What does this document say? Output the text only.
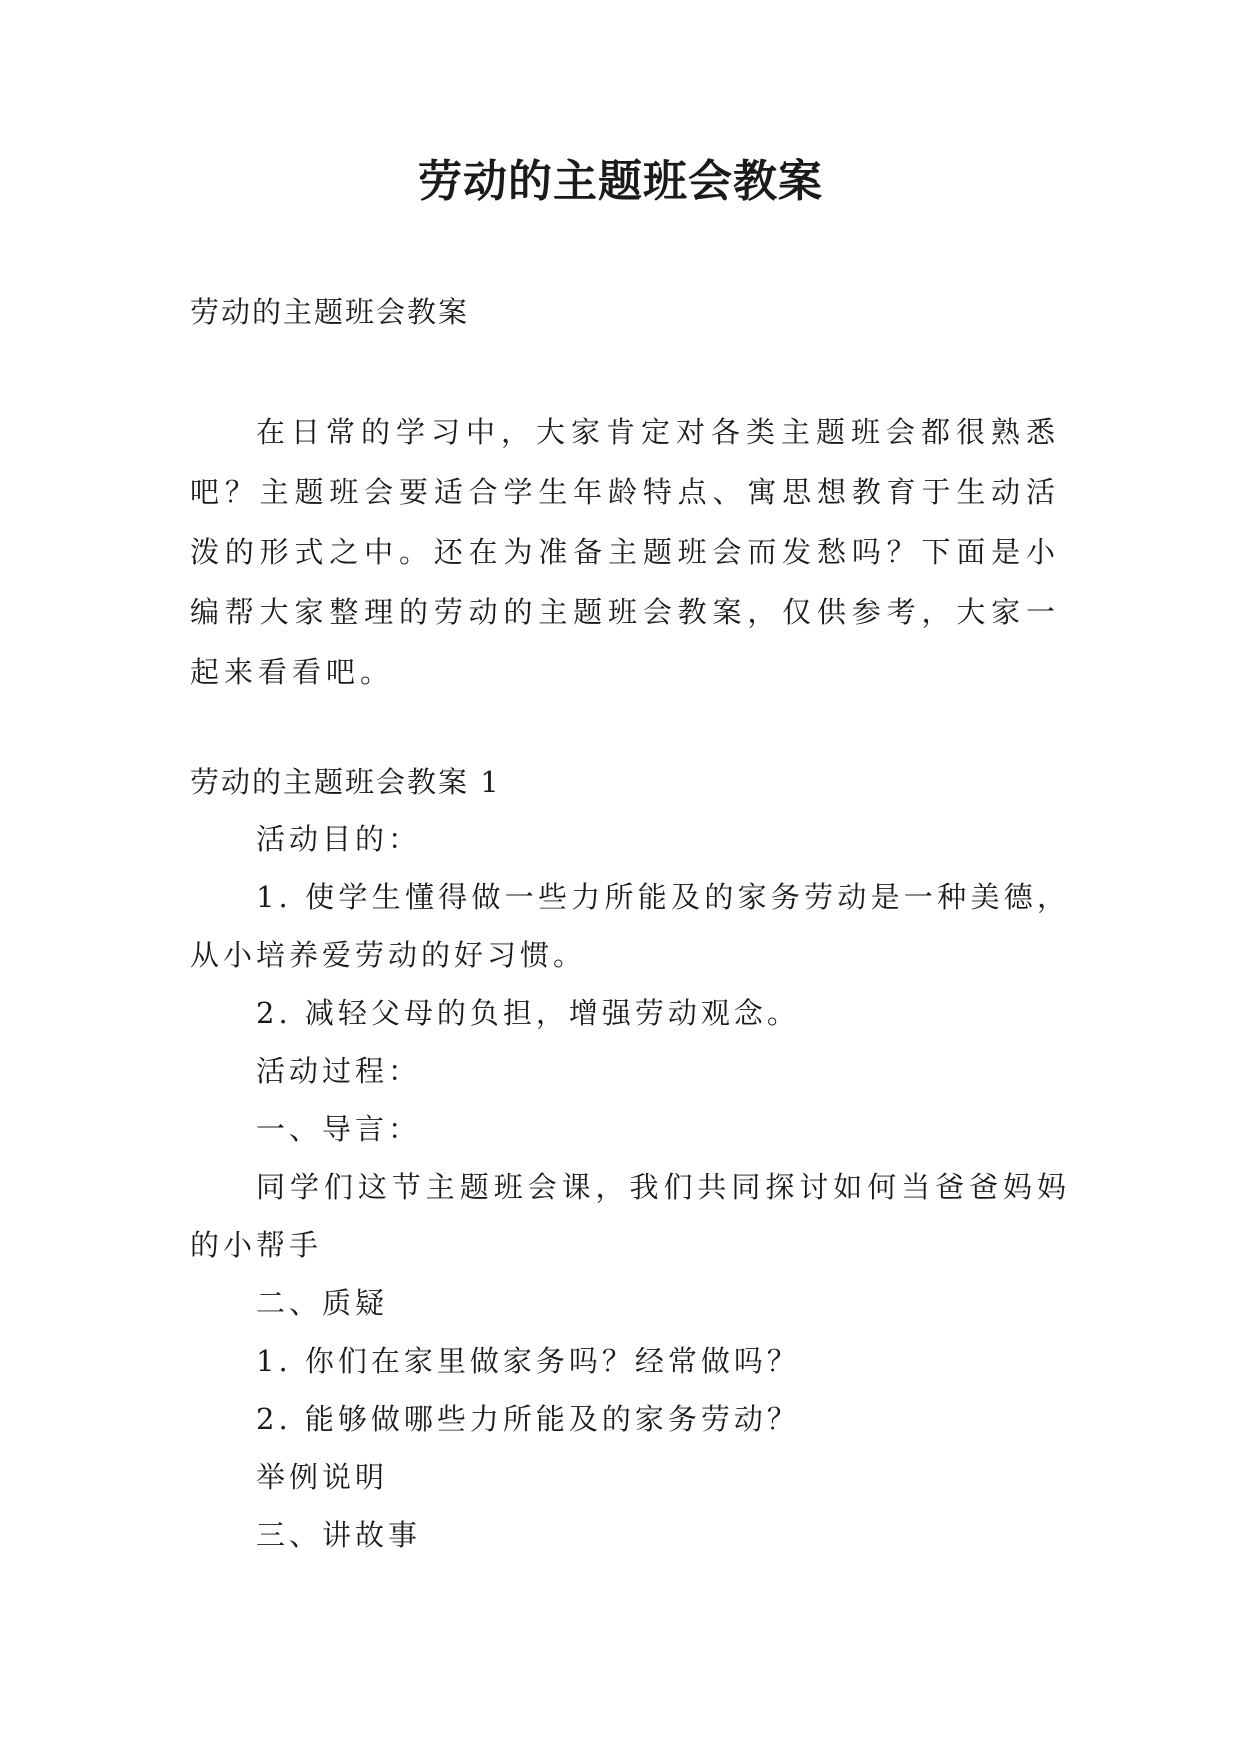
劳动的主题班会教案

劳动的主题班会教案

在日常的学习中，大家肯定对各类主题班会都很熟悉吧？主题班会要适合学生年龄特点、寓思想教育于生动活泼的形式之中。还在为准备主题班会而发愁吗？下面是小编帮大家整理的劳动的主题班会教案，仅供参考，大家一起来看看吧。

劳动的主题班会教案 1

活动目的：

1. 使学生懂得做一些力所能及的家务劳动是一种美德，从小培养爱劳动的好习惯。

2. 减轻父母的负担，增强劳动观念。

活动过程：

一、导言：

同学们这节主题班会课，我们共同探讨如何当爸爸妈妈的小帮手

二、质疑

1. 你们在家里做家务吗？经常做吗？

2. 能够做哪些力所能及的家务劳动？

举例说明

三、讲故事
